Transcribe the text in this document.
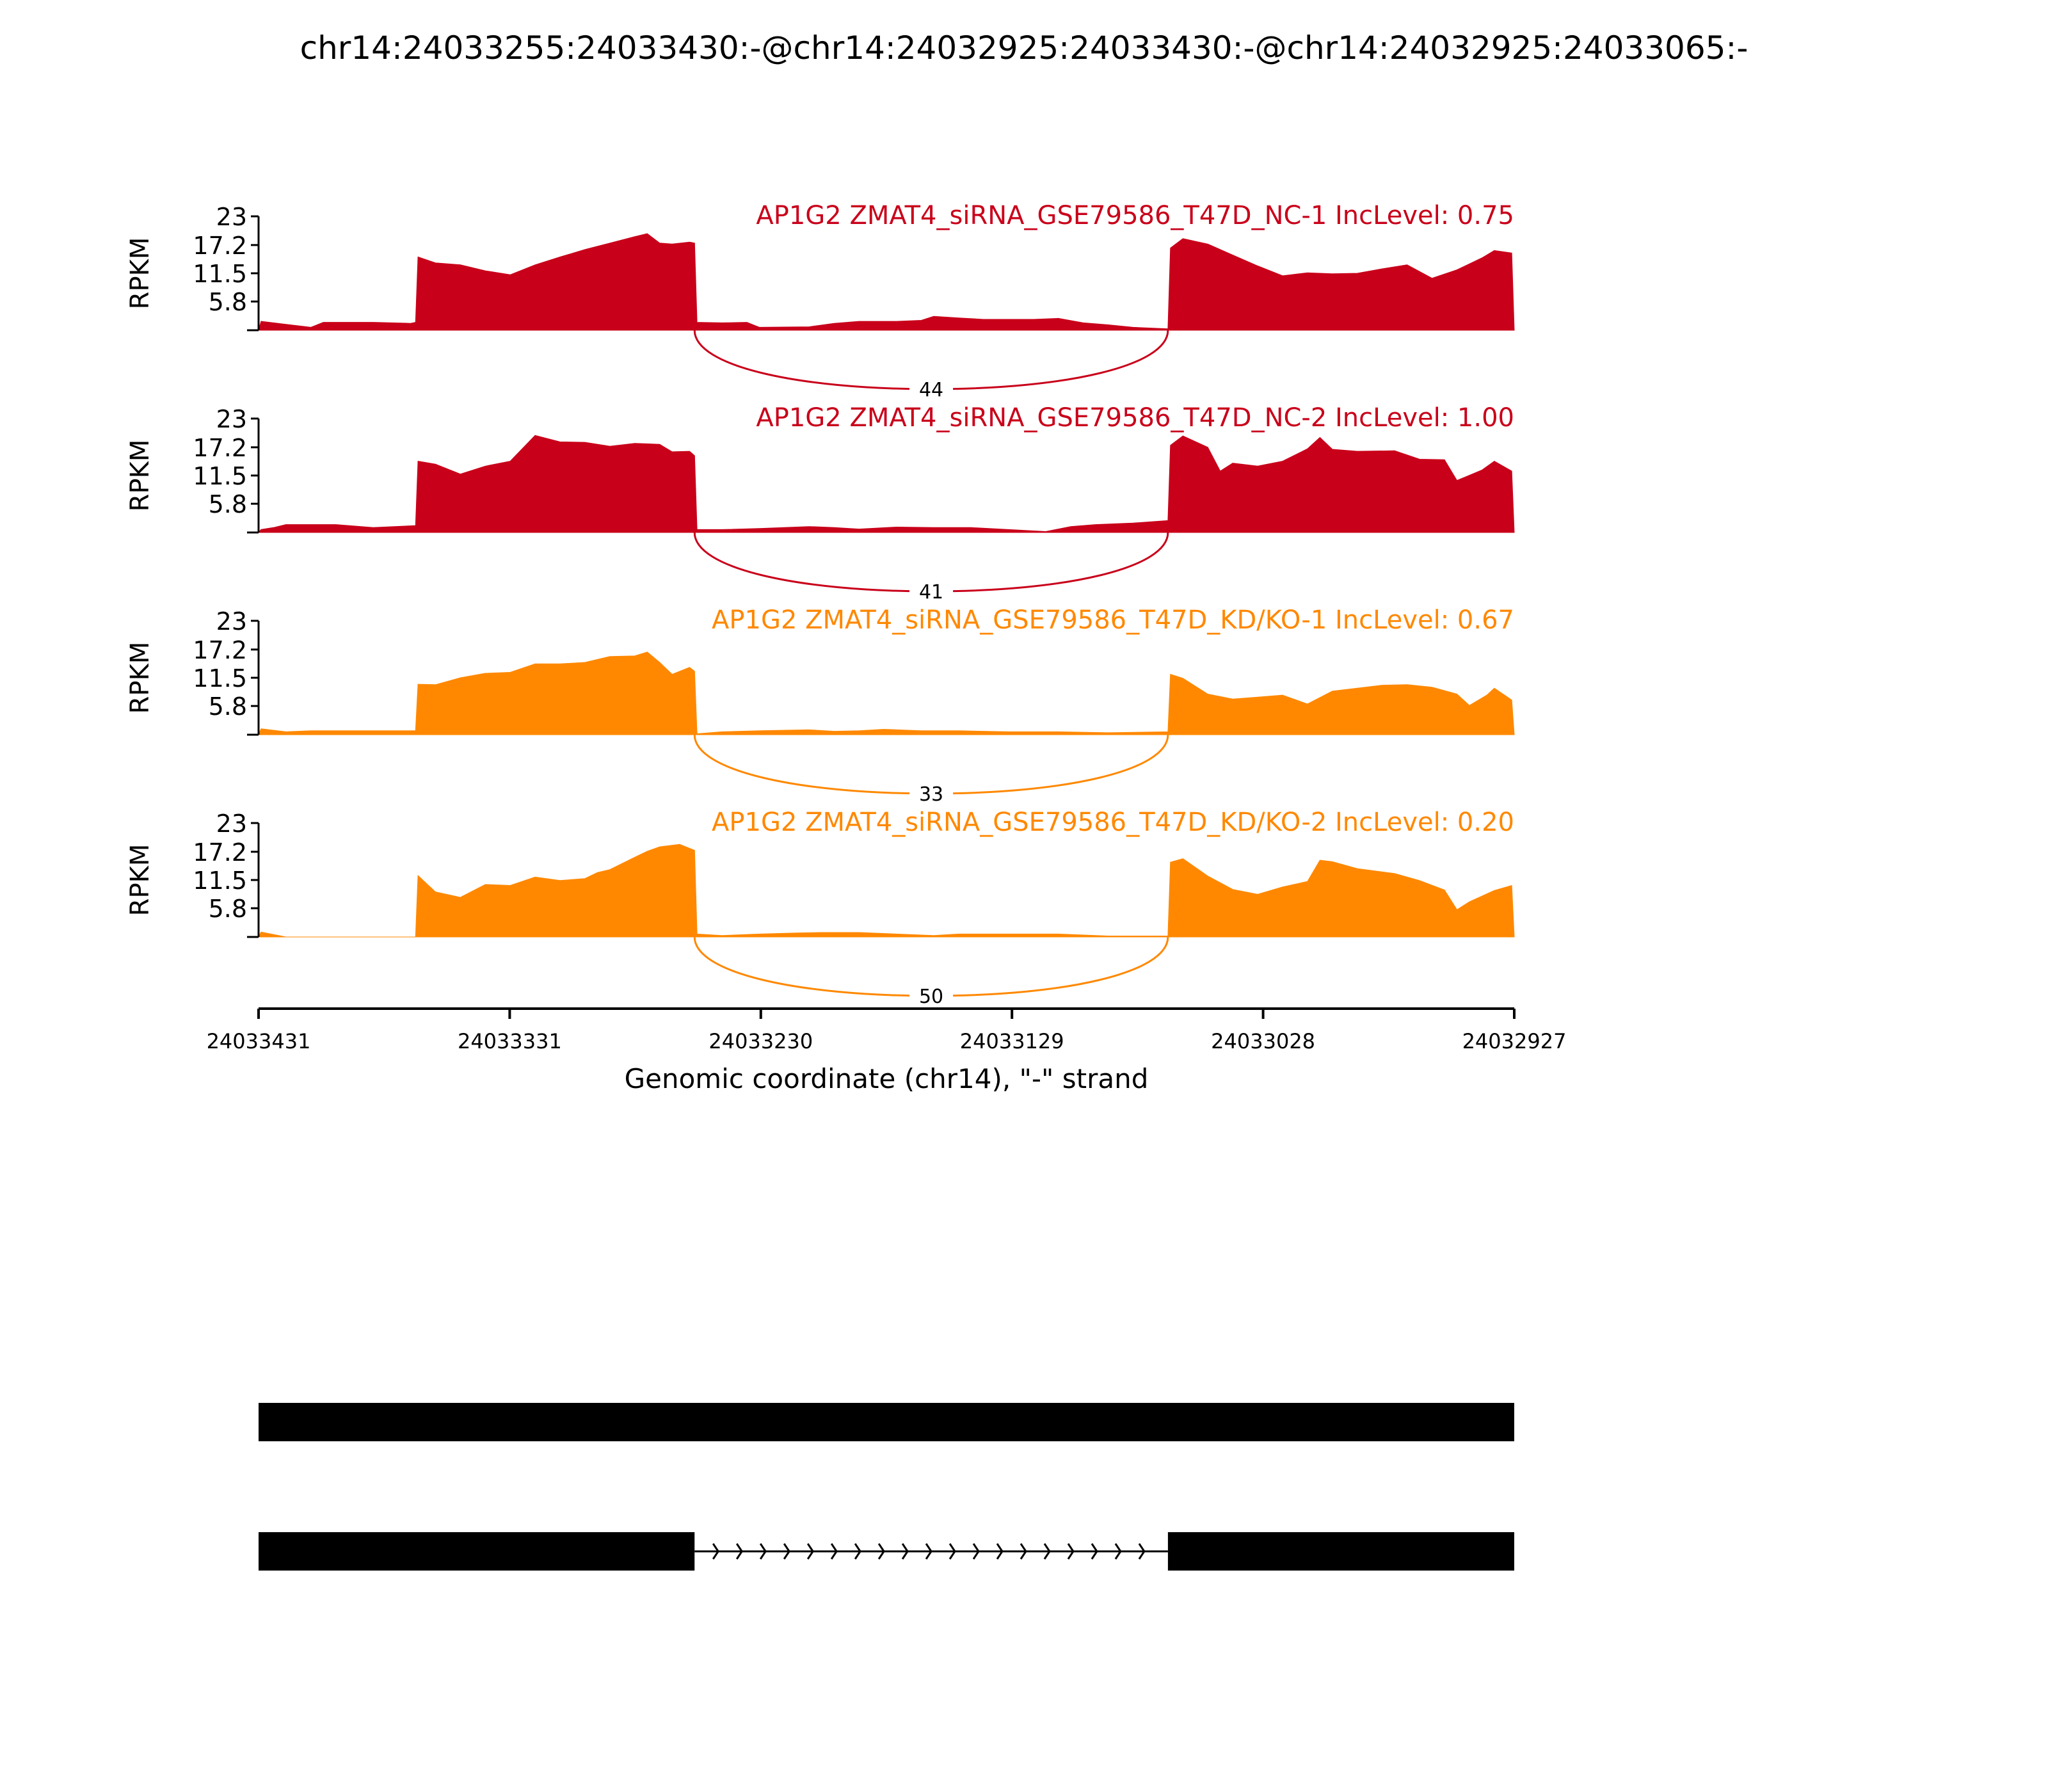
chr14:24033255:24033430:-@chr14:24032925:24033430:-@chr14:24032925:24033065:-
23
17.2
11.5
5.8
RPKM
AP1G2 ZMAT4_siRNA_GSE79586_T47D_NC-1 IncLevel: 0.75
44
23
17.2
11.5
5.8
RPKM
AP1G2 ZMAT4_siRNA_GSE79586_T47D_NC-2 IncLevel: 1.00
41
23
17.2
11.5
5.8
RPKM
AP1G2 ZMAT4_siRNA_GSE79586_T47D_KD/KO-1 IncLevel: 0.67
33
23
17.2
11.5
5.8
RPKM
AP1G2 ZMAT4_siRNA_GSE79586_T47D_KD/KO-2 IncLevel: 0.20
50
24033431	24033331	24033230	24033129	24033028	24032927
Genomic coordinate (chr14), "-" strand
